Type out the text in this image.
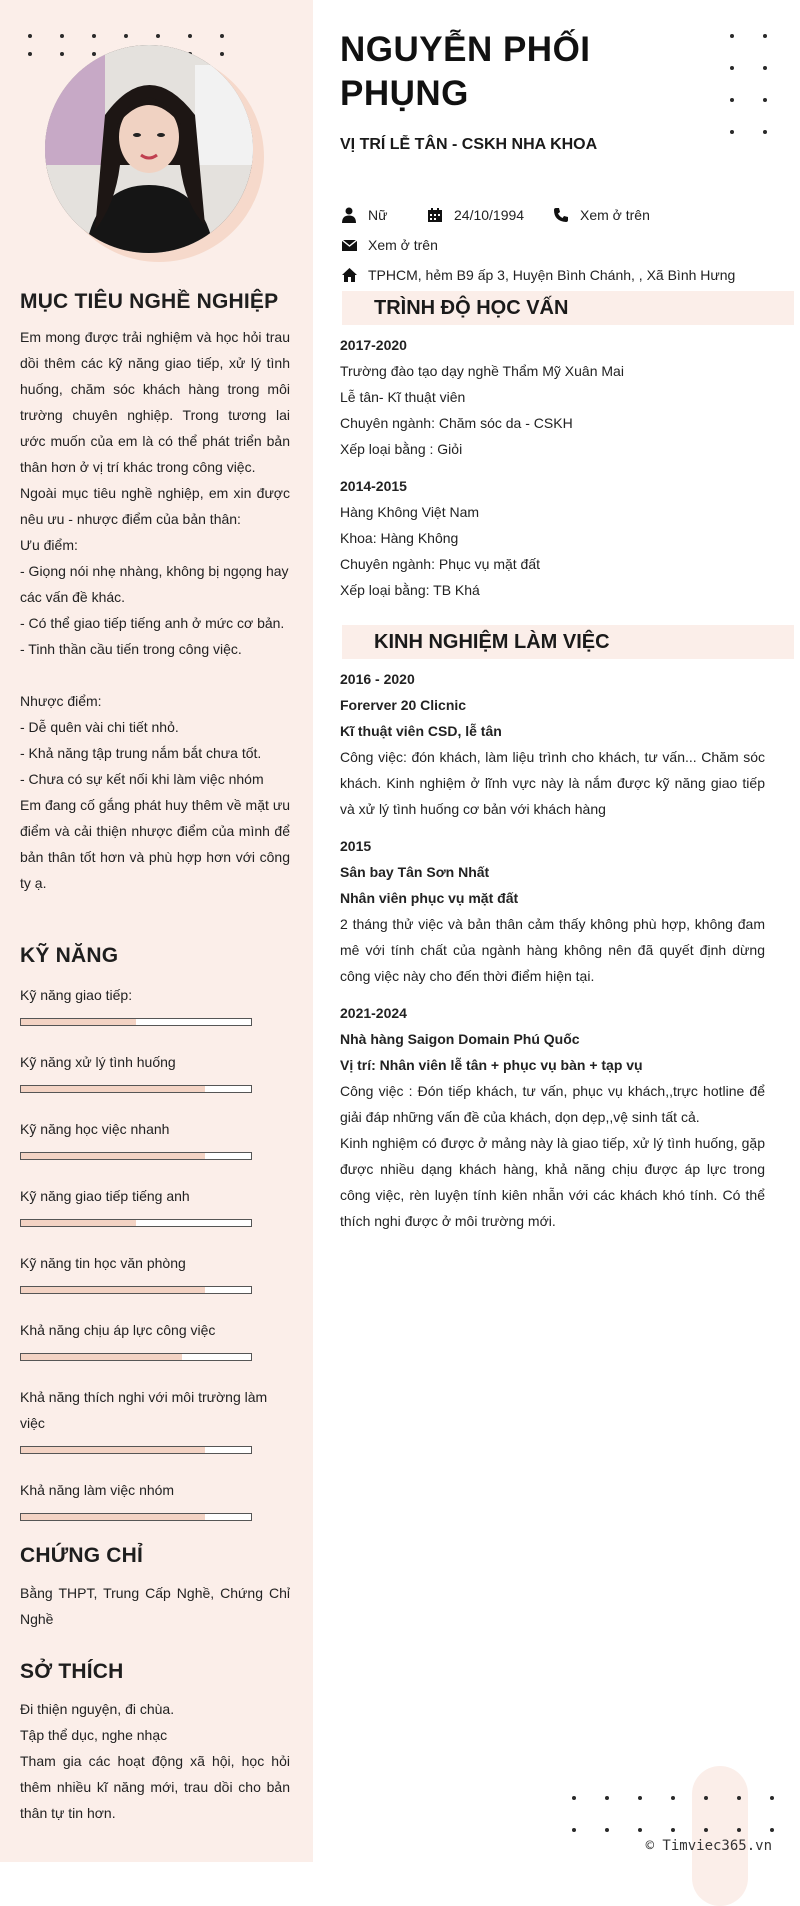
MỤC TIÊU NGHỀ NGHIỆP
Em mong được trải nghiệm và học hỏi trau dồi thêm các kỹ năng giao tiếp, xử lý tình huống, chăm sóc khách hàng trong môi trường chuyên nghiệp. Trong tương lai ước muốn của em là có thể phát triển bản thân hơn ở vị trí khác trong công việc.
Ngoài mục tiêu nghề nghiệp, em xin được nêu ưu - nhược điểm của bản thân:
Ưu điểm:
- Giọng nói nhẹ nhàng, không bị ngọng hay các vấn đề khác.
- Có thể giao tiếp tiếng anh ở mức cơ bản.
- Tinh thần cầu tiến trong công việc.
Nhược điểm:
- Dễ quên vài chi tiết nhỏ.
- Khả năng tập trung nắm bắt chưa tốt.
- Chưa có sự kết nối khi làm việc nhóm
Em đang cố gắng phát huy thêm về mặt ưu điểm và cải thiện nhược điểm của mình để bản thân tốt hơn và phù hợp hơn với công ty ạ.
KỸ NĂNG
Kỹ năng giao tiếp:
Kỹ năng xử lý tình huống
Kỹ năng học việc nhanh
Kỹ năng giao tiếp tiếng anh
Kỹ năng tin học văn phòng
Khả năng chịu áp lực công việc
Khả năng thích nghi với môi trường làm việc
Khả năng làm việc nhóm
CHỨNG CHỈ
Bằng THPT, Trung Cấp Nghề, Chứng Chỉ Nghề
SỞ THÍCH
Đi thiện nguyện, đi chùa.
Tập thể dục, nghe nhạc
Tham gia các hoạt động xã hội, học hỏi thêm nhiều kĩ năng mới, trau dồi cho bản thân tự tin hơn.
NGUYỄN PHỐI PHỤNG
VỊ TRÍ LỄ TÂN - CSKH NHA KHOA
Nữ	24/10/1994	Xem ở trên
Xem ở trên
TPHCM, hẻm B9 ấp 3, Huyện Bình Chánh, , Xã Bình Hưng
TRÌNH ĐỘ HỌC VẤN
2017-2020
Trường đào tạo dạy nghề Thẩm Mỹ Xuân Mai
Lễ tân- Kĩ thuật viên
Chuyên ngành: Chăm sóc da - CSKH
Xếp loại bằng : Giỏi
2014-2015
Hàng Không Việt Nam
Khoa: Hàng Không
Chuyên ngành: Phục vụ mặt đất
Xếp loại bằng: TB Khá
KINH NGHIỆM LÀM VIỆC
2016 - 2020
Forerver 20 Clicnic
Kĩ thuật viên CSD, lễ tân
Công việc: đón khách, làm liệu trình cho khách, tư vấn... Chăm sóc khách. Kinh nghiệm ở lĩnh vực này là nắm được kỹ năng giao tiếp và xử lý tình huống cơ bản với khách hàng
2015
Sân bay Tân Sơn Nhất
Nhân viên phục vụ mặt đất
2 tháng thử việc và bản thân cảm thấy không phù hợp, không đam mê với tính chất của ngành hàng không nên đã quyết định dừng công việc này cho đến thời điểm hiện tại.
2021-2024
Nhà hàng Saigon Domain Phú Quốc
Vị trí: Nhân viên lễ tân + phục vụ bàn + tạp vụ
Công việc : Đón tiếp khách, tư vấn, phục vụ khách,,trực hotline để giải đáp những vấn đề của khách, dọn dẹp,,vệ sinh tất cả.
Kinh nghiệm có được ở mảng này là giao tiếp, xử lý tình huống, gặp được nhiều dạng khách hàng, khả năng chịu được áp lực trong công việc, rèn luyện tính kiên nhẫn với các khách khó tính. Có thể thích nghi được ở môi trường mới.
© Timviec365.vn
